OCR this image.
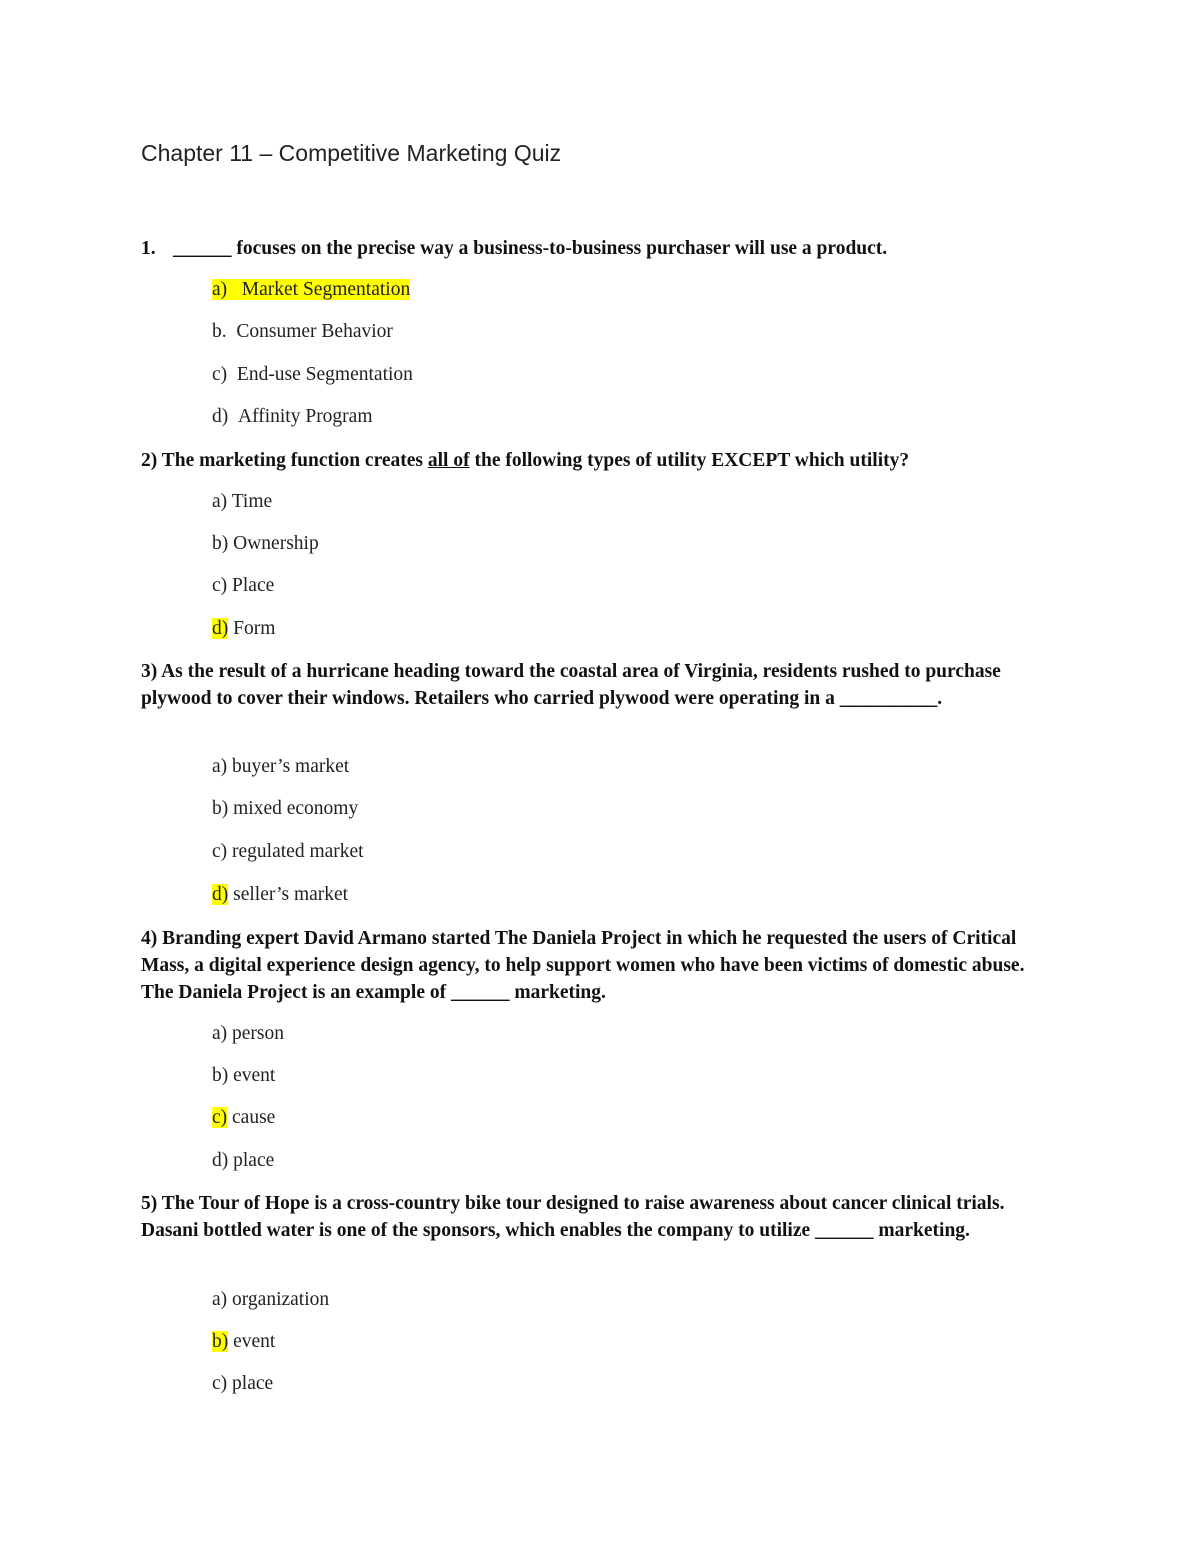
Chapter 11 – Competitive Marketing Quiz

1. ______ focuses on the precise way a business-to-business purchaser will use a product.

a) Market Segmentation

b. Consumer Behavior

c) End-use Segmentation

d) Affinity Program

2) The marketing function creates all of the following types of utility EXCEPT which utility?

a) Time

b) Ownership

c) Place

d) Form

3) As the result of a hurricane heading toward the coastal area of Virginia, residents rushed to purchase plywood to cover their windows. Retailers who carried plywood were operating in a __________.

a) buyer’s market

b) mixed economy

c) regulated market

d) seller’s market

4) Branding expert David Armano started The Daniela Project in which he requested the users of Critical Mass, a digital experience design agency, to help support women who have been victims of domestic abuse. The Daniela Project is an example of ______ marketing.

a) person

b) event

c) cause

d) place

5) The Tour of Hope is a cross-country bike tour designed to raise awareness about cancer clinical trials. Dasani bottled water is one of the sponsors, which enables the company to utilize ______ marketing.

a) organization

b) event

c) place
